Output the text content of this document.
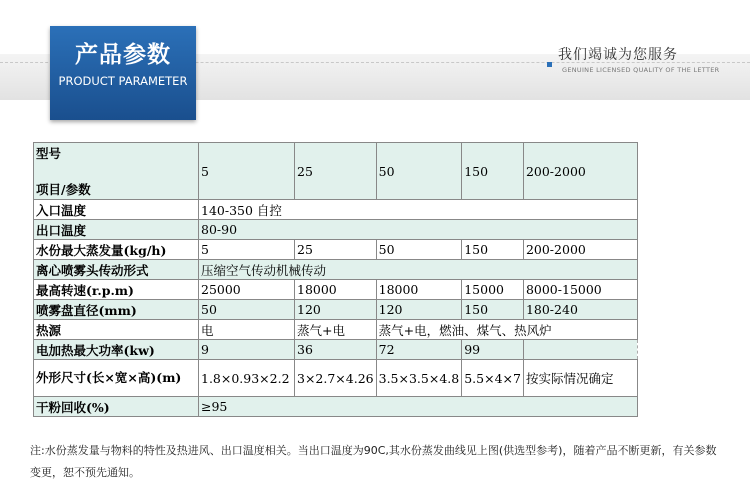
产品参数
PRODUCT PARAMETER
我们竭诚为您服务
GENUINE LICENSED QUALITY OF THE LETTER
型号
项目/参数	5	25	50	150	200-2000
入口温度	140-350 自控				
出口温度	80-90				
水份最大蒸发量(kg/h)	5	25	50	150	200-2000
离心喷雾头传动形式	压缩空气传动机械传动				
最高转速(r.p.m)	25000	18000	18000	15000	8000-15000
喷雾盘直径(mm)	50	120	120	150	180-240
热源	电	蒸气+电	蒸气+电，燃油、煤气、热风炉		
电加热最大功率(kw)	9	36	72	99	
外形尺寸(长×宽×高)(m)	1.8×0.93×2.2	3×2.7×4.26	3.5×3.5×4.8	5.5×4×7	按实际情况确定
干粉回收(%)	≥95				
注:水份蒸发量与物料的特性及热进风、出口温度相关。当出口温度为90C,其水份蒸发曲线见上图(供选型参考)，随着产品不断更新，有关参数变更，恕不预先通知。
